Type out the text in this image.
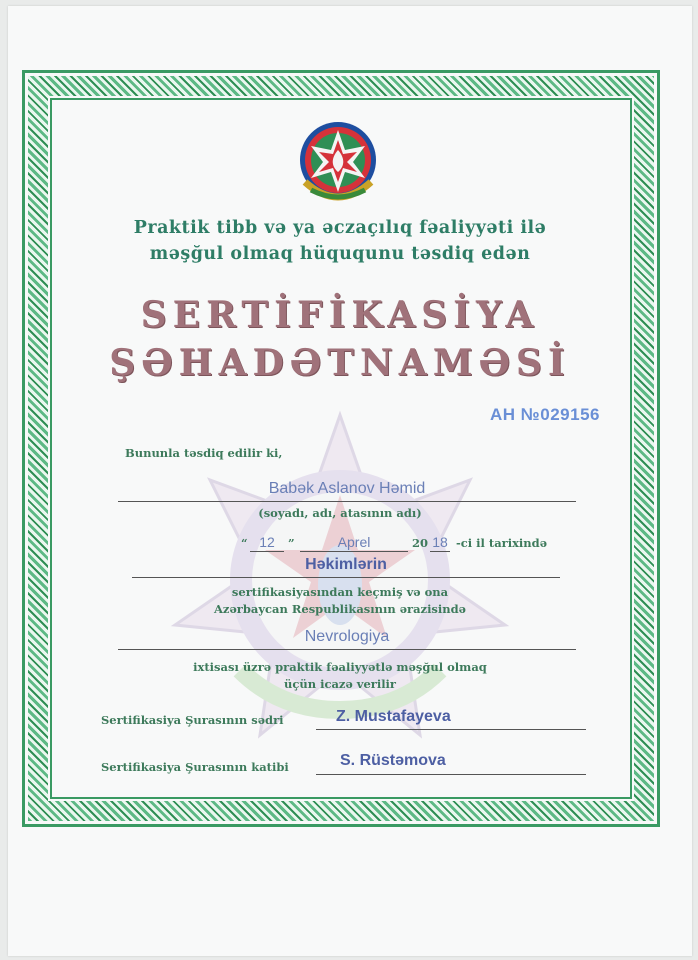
Praktik tibb və ya əczaçılıq fəaliyyəti ilə
məşğul olmaq hüququnu təsdiq edən
SERTİFİKASİYA
ŞƏHADƏTNAMƏSİ
AH №029156
Bununla təsdiq edilir ki,
Babək Aslanov Həmid
(soyadı, adı, atasının adı)
“ 12	”	Aprel	20 18 -ci il tarixində
Həkimlərin
sertifikasiyasından keçmiş və ona
Azərbaycan Respublikasının ərazisində
Nevrologiya
ixtisası üzrə praktik fəaliyyətlə məşğul olmaq
üçün icazə verilir
Sertifikasiya Şurasının sədri	Z. Mustafayeva
Sertifikasiya Şurasının katibi	S. Rüstəmova
